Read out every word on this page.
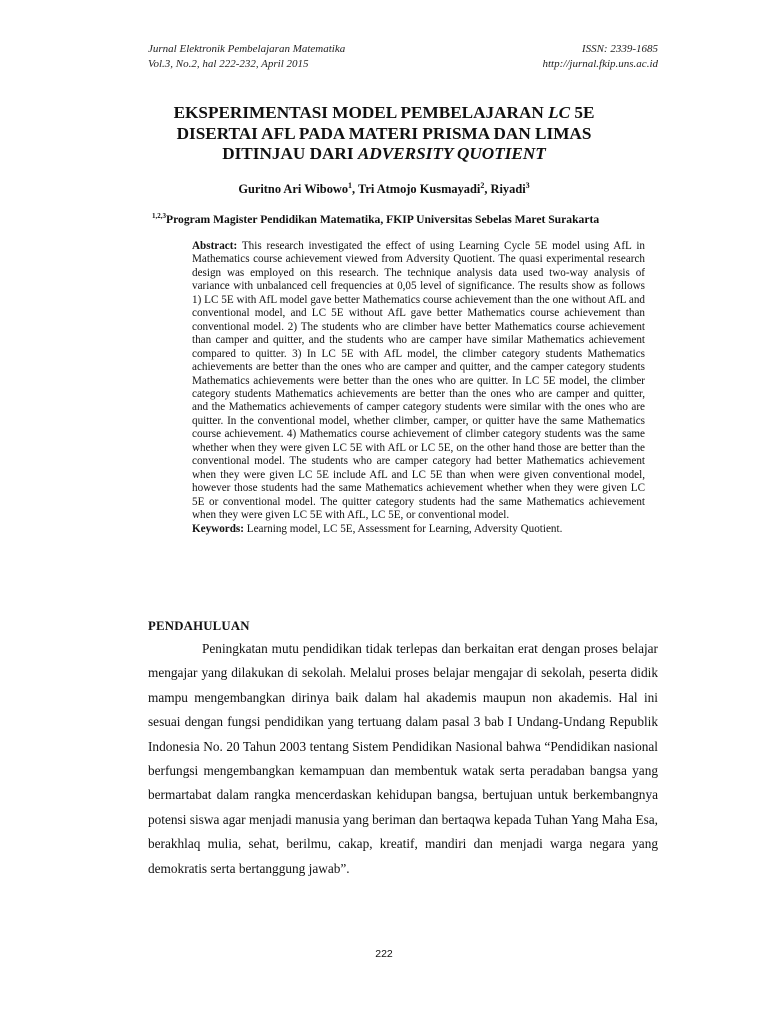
Jurnal Elektronik Pembelajaran Matematika	ISSN: 2339-1685
Vol.3, No.2, hal 222-232, April 2015	http://jurnal.fkip.uns.ac.id
EKSPERIMENTASI MODEL PEMBELAJARAN LC 5E
DISERTAI AFL PADA MATERI PRISMA DAN LIMAS
DITINJAU DARI ADVERSITY QUOTIENT
Guritno Ari Wibowo$^1$, Tri Atmojo Kusmayadi$^2$, Riyadi$^3$
$^{1,2,3}$Program Magister Pendidikan Matematika, FKIP Universitas Sebelas Maret Surakarta

Abstract: This research investigated the effect of using Learning Cycle 5E model using AfL in Mathematics course achievement viewed from Adversity Quotient. The quasi experimental research design was employed on this research. The technique analysis data used two-way analysis of variance with unbalanced cell frequencies at 0,05 level of significance. The results show as follows 1) LC 5E with AfL model gave better Mathematics course achievement than the one without AfL and conventional model, and LC 5E without AfL gave better Mathematics course achievement than conventional model. 2) The students who are climber have better Mathematics course achievement than camper and quitter, and the students who are camper have similar Mathematics achievement compared to quitter. 3) In LC 5E with AfL model, the climber category students Mathematics achievements are better than the ones who are camper and quitter, and the camper category students Mathematics achievements were better than the ones who are quitter. In LC 5E model, the climber category students Mathematics achievements are better than the ones who are camper and quitter, and the Mathematics achievements of camper category students were similar with the ones who are quitter. In the conventional model, whether climber, camper, or quitter have the same Mathematics course achievement. 4) Mathematics course achievement of climber category students was the same whether when they were given LC 5E with AfL or LC 5E, on the other hand those are better than the conventional model. The students who are camper category had better Mathematics achievement when they were given LC 5E include AfL and LC 5E than when were given conventional model, however those students had the same Mathematics achievement whether when they were given LC 5E or conventional model. The quitter category students had the same Mathematics achievement when they were given LC 5E with AfL, LC 5E, or conventional model.

Keywords: Learning model, LC 5E, Assessment for Learning, Adversity Quotient.

PENDAHULUAN

Peningkatan mutu pendidikan tidak terlepas dan berkaitan erat dengan proses belajar mengajar yang dilakukan di sekolah. Melalui proses belajar mengajar di sekolah, peserta didik mampu mengembangkan dirinya baik dalam hal akademis maupun non akademis. Hal ini sesuai dengan fungsi pendidikan yang tertuang dalam pasal 3 bab I Undang-Undang Republik Indonesia No. 20 Tahun 2003 tentang Sistem Pendidikan Nasional bahwa “Pendidikan nasional berfungsi mengembangkan kemampuan dan membentuk watak serta peradaban bangsa yang bermartabat dalam rangka mencerdaskan kehidupan bangsa, bertujuan untuk berkembangnya potensi siswa agar menjadi manusia yang beriman dan bertaqwa kepada Tuhan Yang Maha Esa, berakhlaq mulia, sehat, berilmu, cakap, kreatif, mandiri dan menjadi warga negara yang demokratis serta bertanggung jawab”.

222
